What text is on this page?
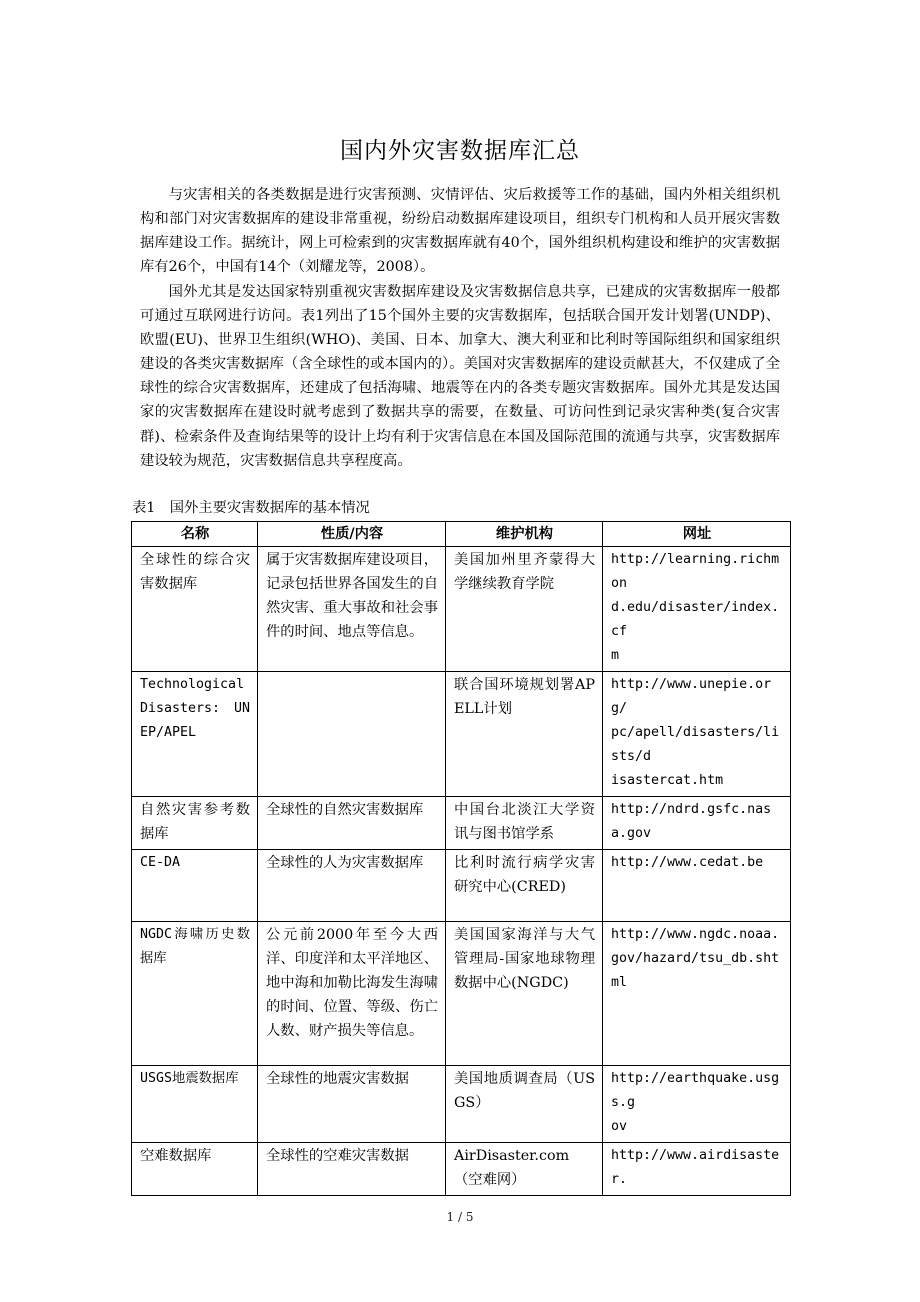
国内外灾害数据库汇总

与灾害相关的各类数据是进行灾害预测、灾情评估、灾后救援等工作的基础，国内外相关组织机构和部门对灾害数据库的建设非常重视，纷纷启动数据库建设项目，组织专门机构和人员开展灾害数据库建设工作。据统计，网上可检索到的灾害数据库就有40个，国外组织机构建设和维护的灾害数据库有26个，中国有14个（刘耀龙等，2008）。

国外尤其是发达国家特别重视灾害数据库建设及灾害数据信息共享，已建成的灾害数据库一般都可通过互联网进行访问。表1列出了15个国外主要的灾害数据库，包括联合国开发计划署(UNDP)、欧盟(EU)、世界卫生组织(WHO)、美国、日本、加拿大、澳大利亚和比利时等国际组织和国家组织建设的各类灾害数据库（含全球性的或本国内的）。美国对灾害数据库的建设贡献甚大，不仅建成了全球性的综合灾害数据库，还建成了包括海啸、地震等在内的各类专题灾害数据库。国外尤其是发达国家的灾害数据库在建设时就考虑到了数据共享的需要，在数量、可访问性到记录灾害种类(复合灾害群)、检索条件及查询结果等的设计上均有利于灾害信息在本国及国际范围的流通与共享，灾害数据库建设较为规范，灾害数据信息共享程度高。

表1　国外主要灾害数据库的基本情况

名称	性质/内容	维护机构	网址
全球性的综合灾害数据库	属于灾害数据库建设项目，记录包括世界各国发生的自然灾害、重大事故和社会事件的时间、地点等信息。	美国加州里齐蒙得大学继续教育学院	http://learning.richmon
d.edu/disaster/index.cf
m
Technological Disasters: UNEP/APEL		联合国环境规划署APELL计划	http://www.unepie.org/
pc/apell/disasters/lists/d
isastercat.htm
自然灾害参考数据库	全球性的自然灾害数据库	中国台北淡江大学资讯与图书馆学系	http://ndrd.gsfc.nasa.gov
CE-DA	全球性的人为灾害数据库	比利时流行病学灾害研究中心(CRED)	http://www.cedat.be
NGDC海啸历史数据库	公元前2000年至今大西洋、印度洋和太平洋地区、地中海和加勒比海发生海啸的时间、位置、等级、伤亡人数、财产损失等信息。	美国国家海洋与大气管理局-国家地球物理数据中心(NGDC)	http://www.ngdc.noaa.
gov/hazard/tsu_db.sht
ml
USGS地震数据库	全球性的地震灾害数据	美国地质调查局（USGS）	http://earthquake.usgs.g
ov
空难数据库	全球性的空难灾害数据	AirDisaster.com（空难网）	http://www.airdisaster.
1 / 5
